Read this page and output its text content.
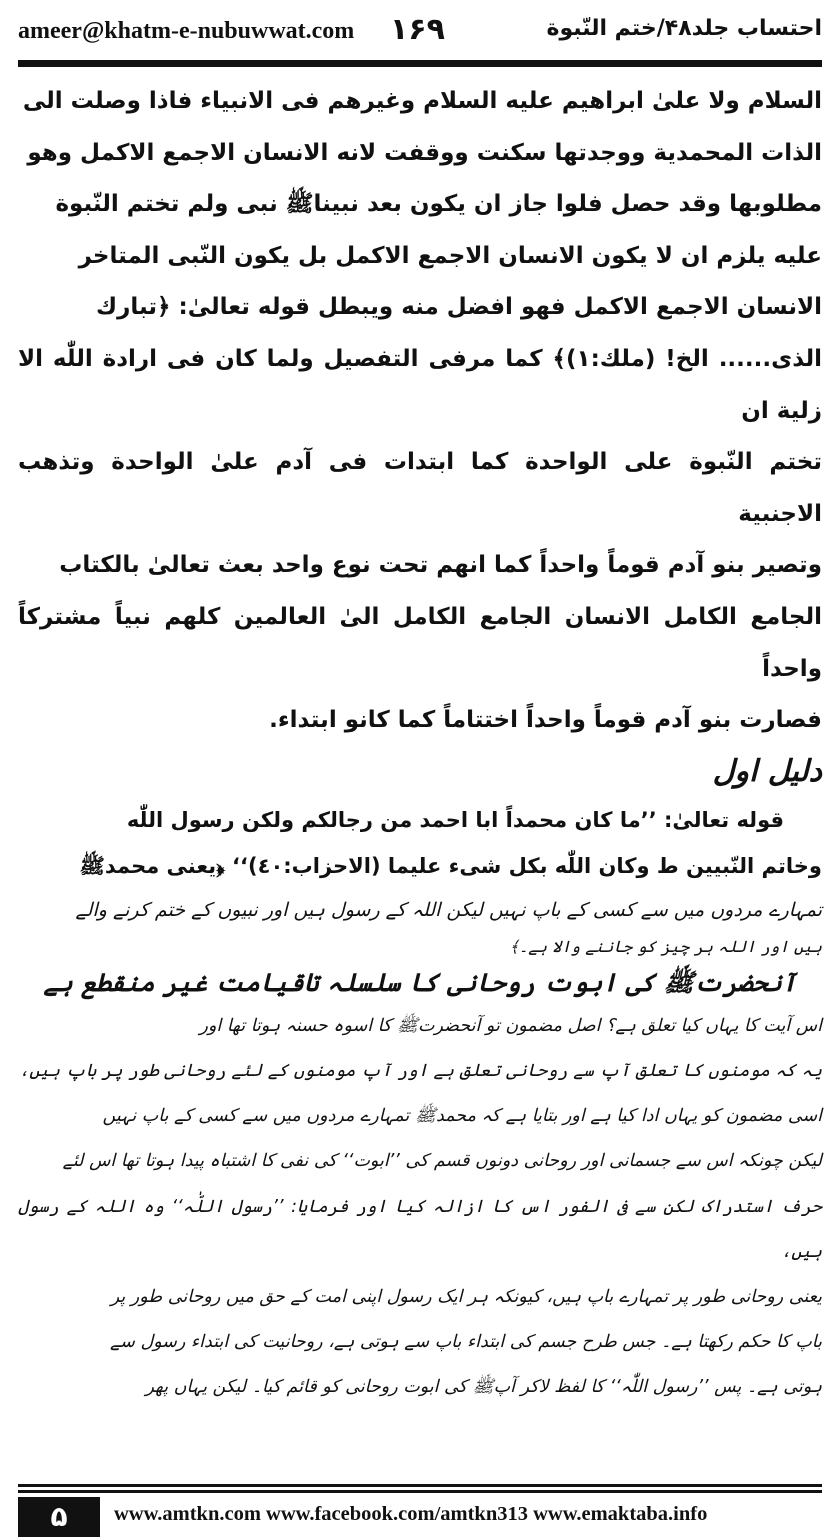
ameer@khatm-e-nubuwwat.com ۱۶۹	احتساب جلد۴۸/ختم النّبوة

السلام ولا علىٰ ابراهيم عليه السلام وغيرهم فى الانبياء فاذا وصلت الى

الذات المحمدية ووجدتها سكنت ووقفت لانه الانسان الاجمع الاكمل وهو

مطلوبها وقد حصل فلوا جاز ان يكون بعد نبيناﷺ نبى ولم تختم النّبوة

عليه يلزم ان لا يكون الانسان الاجمع الاكمل بل يكون النّبى المتاخر

الانسان الاجمع الاكمل فهو افضل منه ويبطل قوله تعالىٰ: ﴿تبارك

الذى...... الخ! (ملك:١)﴾ كما مرفى التفصيل ولما كان فى ارادة اللّٰه الا زلية ان

تختم النّبوة على الواحدة كما ابتدات فى آدم علىٰ الواحدة وتذهب الاجنبية

وتصير بنو آدم قوماً واحداً كما انهم تحت نوع واحد بعث تعالىٰ بالكتاب

الجامع الكامل الانسان الجامع الكامل الىٰ العالمين كلهم نبياً مشتركاً واحداً

فصارت بنو آدم قوماً واحداً اختتاماً كما كانو ابتداء.

دلیل اول

قوله تعالىٰ: ’’ما كان محمداً ابا احمد من رجالكم ولكن رسول اللّٰه

وخاتم النّبيين ط وكان اللّٰه بكل شىء عليما (الاحزاب:٤٠)‘‘ ﴿یعنی محمدﷺ

تمہارے مردوں میں سے کسی کے باپ نہیں لیکن اللہ کے رسول ہیں اور نبیوں کے ختم کرنے والے

ہیں اور اللہ ہر چیز کو جاننے والا ہے۔﴾

آنحضرتﷺ کی ابوت روحانی کا سلسلہ تاقیامت غیر منقطع ہے

اس آیت کا یہاں کیا تعلق ہے؟ اصل مضمون تو آنحضرتﷺ کا اسوہ حسنہ ہوتا تھا اور

یہ کہ مومنوں کا تعلق آپ سے روحانی تعلق ہے اور آپ مومنوں کے لئے روحانی طور پر باپ ہیں،

اسی مضمون کو یہاں ادا کیا ہے اور بتایا ہے کہ محمدﷺ تمہارے مردوں میں سے کسی کے باپ نہیں

لیکن چونکہ اس سے جسمانی اور روحانی دونوں قسم کی ’’ابوت‘‘ کی نفی کا اشتباہ پیدا ہوتا تھا اس لئے

حرف استدراک لکن سے فی الفور اس کا ازالہ کیا اور فرمایا: ’’رسول اللّٰہ‘‘ وہ اللہ کے رسول ہیں،

یعنی روحانی طور پر تمہارے باپ ہیں، کیونکہ ہر ایک رسول اپنی امت کے حق میں روحانی طور پر

باپ کا حکم رکھتا ہے۔ جس طرح جسم کی ابتداء باپ سے ہوتی ہے، روحانیت کی ابتداء رسول سے

ہوتی ہے۔ پس ’’رسول اللّٰہ‘‘ کا لفظ لاکر آپﷺ کی ابوت روحانی کو قائم کیا۔ لیکن یہاں پھر

۵	www.amtkn.com www.facebook.com/amtkn313 www.emaktaba.info
